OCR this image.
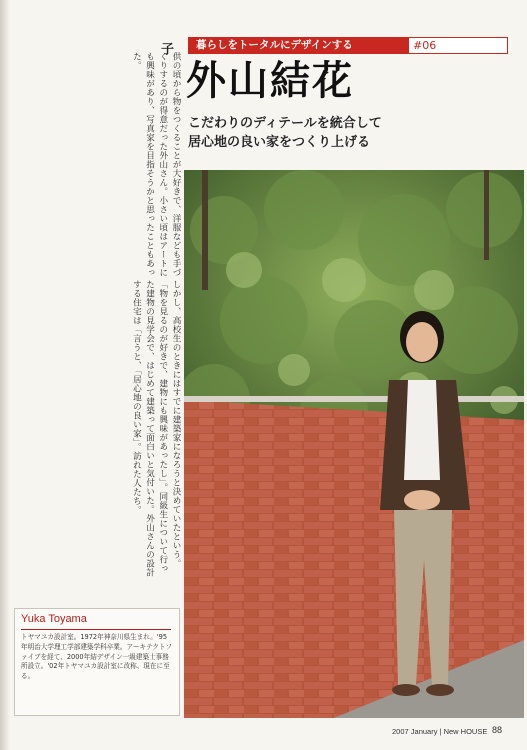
子
供の頃から物をつくることが大好きで、洋服なども手づくりするのが得意だった外山さん。小さい頃はアートにも興味があり、写真家を目指そうかと思ったこともあった。
しかし、高校生のときにはすでに建築家になろうと決めていたという。「物を見るのが好きで、建物にも興味があったし」。同級生について行った建物の見学会で、はじめて建築って面白いと気付いた。外山さんの設計する住宅は「言うと、「居心地の良い家」。訪れた人たち。
暮らしをトータルにデザインする	#06
外山結花
こだわりのディテールを統合して
居心地の良い家をつくり上げる
Yuka Toyama
トヤマユカ設計室。1972年神奈川県生まれ。'95年明治大学理工学部建築学科卒業。アーキテクトファイブを経て、2000年結デザイン一級建築士事務所設立。'02年トヤマユカ設計室に改称、現在に至る。
2007 January | New HOUSE 88
